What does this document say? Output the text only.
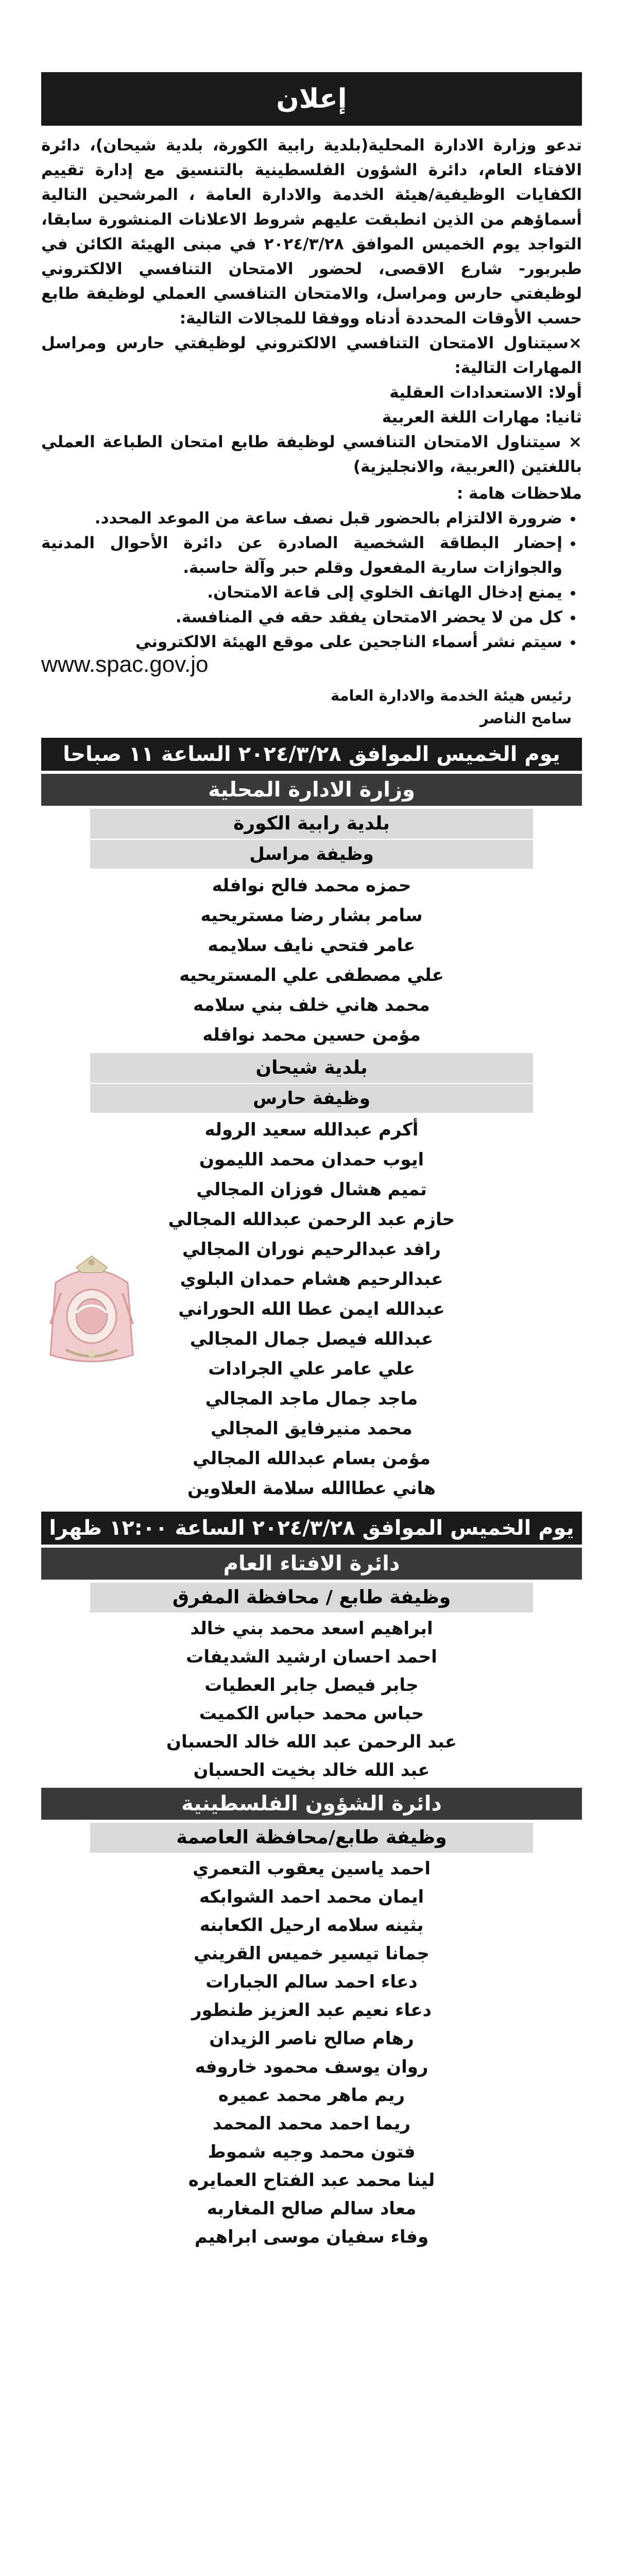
إعلان

تدعو وزارة الادارة المحلية(بلدية رابية الكورة، بلدية شيحان)، دائرة الافتاء العام، دائرة الشؤون الفلسطينية بالتنسيق مع إدارة تقييم الكفايات الوظيفية/هيئة الخدمة والادارة العامة ، المرشحين التالية أسماؤهم من الذين انطبقت عليهم شروط الاعلانات المنشورة سابقا، التواجد يوم الخميس الموافق ٢٠٢٤/٣/٢٨ في مبنى الهيئة الكائن في طبربور- شارع الاقصى، لحضور الامتحان التنافسي الالكتروني لوظيفتي حارس ومراسل، والامتحان التنافسي العملي لوظيفة طابع حسب الأوقات المحددة أدناه ووفقا للمجالات التالية:

×سيتناول الامتحان التنافسي الالكتروني لوظيفتي حارس ومراسل المهارات التالية:

أولا: الاستعدادات العقلية

ثانيا: مهارات اللغة العربية

× سيتناول الامتحان التنافسي لوظيفة طابع امتحان الطباعة العملي باللغتين (العربية، والانجليزية)

ملاحظات هامة :

• ضرورة الالتزام بالحضور قبل نصف ساعة من الموعد المحدد.
• إحضار البطاقة الشخصية الصادرة عن دائرة الأحوال المدنية والجوازات سارية المفعول وقلم حبر وآلة حاسبة.
• يمنع إدخال الهاتف الخلوي إلى قاعة الامتحان.
• كل من لا يحضر الامتحان يفقد حقه في المنافسة.
• سيتم نشر أسماء الناجحين على موقع الهيئة الالكتروني
www.spac.gov.jo
رئيس هيئة الخدمة والادارة العامة
سامح الناصر
يوم الخميس الموافق ٢٠٢٤/٣/٢٨ الساعة ١١ صباحا
وزارة الادارة المحلية
بلدية رابية الكورة
وظيفة مراسل
حمزه محمد فالح نوافله
سامر بشار رضا مستريحيه
عامر فتحي نايف سلايمه
علي مصطفى علي المستريحيه
محمد هاني خلف بني سلامه
مؤمن حسين محمد نوافله
بلدية شيحان
وظيفة حارس
أكرم عبدالله سعيد الروله
ايوب حمدان محمد الليمون
تميم هشال فوزان المجالي
حازم عبد الرحمن عبدالله المجالي
رافد عبدالرحيم نوران المجالي
عبدالرحيم هشام حمدان البلوي
عبدالله ايمن عطا الله الحوراني
عبدالله فيصل جمال المجالي
علي عامر علي الجرادات
ماجد جمال ماجد المجالي
محمد منيرفايق المجالي
مؤمن بسام عبدالله المجالي
هاني عطاالله سلامة العلاوين
يوم الخميس الموافق ٢٠٢٤/٣/٢٨ الساعة ١٢:٠٠ ظهرا
دائرة الافتاء العام
وظيفة طابع / محافظة المفرق
ابراهيم اسعد محمد بني خالد
احمد احسان ارشيد الشديفات
جابر فيصل جابر العطيات
حباس محمد حباس الكميت
عبد الرحمن عبد الله خالد الحسبان
عبد الله خالد بخيت الحسبان
دائرة الشؤون الفلسطينية
وظيفة طابع/محافظة العاصمة
احمد ياسين يعقوب التعمري
ايمان محمد احمد الشوابكه
بثينه سلامه ارحيل الكعابنه
جمانا تيسير خميس القريني
دعاء احمد سالم الجبارات
دعاء نعيم عبد العزيز طنطور
رهام صالح ناصر الزيدان
روان يوسف محمود خاروفه
ريم ماهر محمد عميره
ريما احمد محمد المحمد
فتون محمد وجيه شموط
لينا محمد عبد الفتاح العمايره
معاد سالم صالح المغاربه
وفاء سفيان موسى ابراهيم
